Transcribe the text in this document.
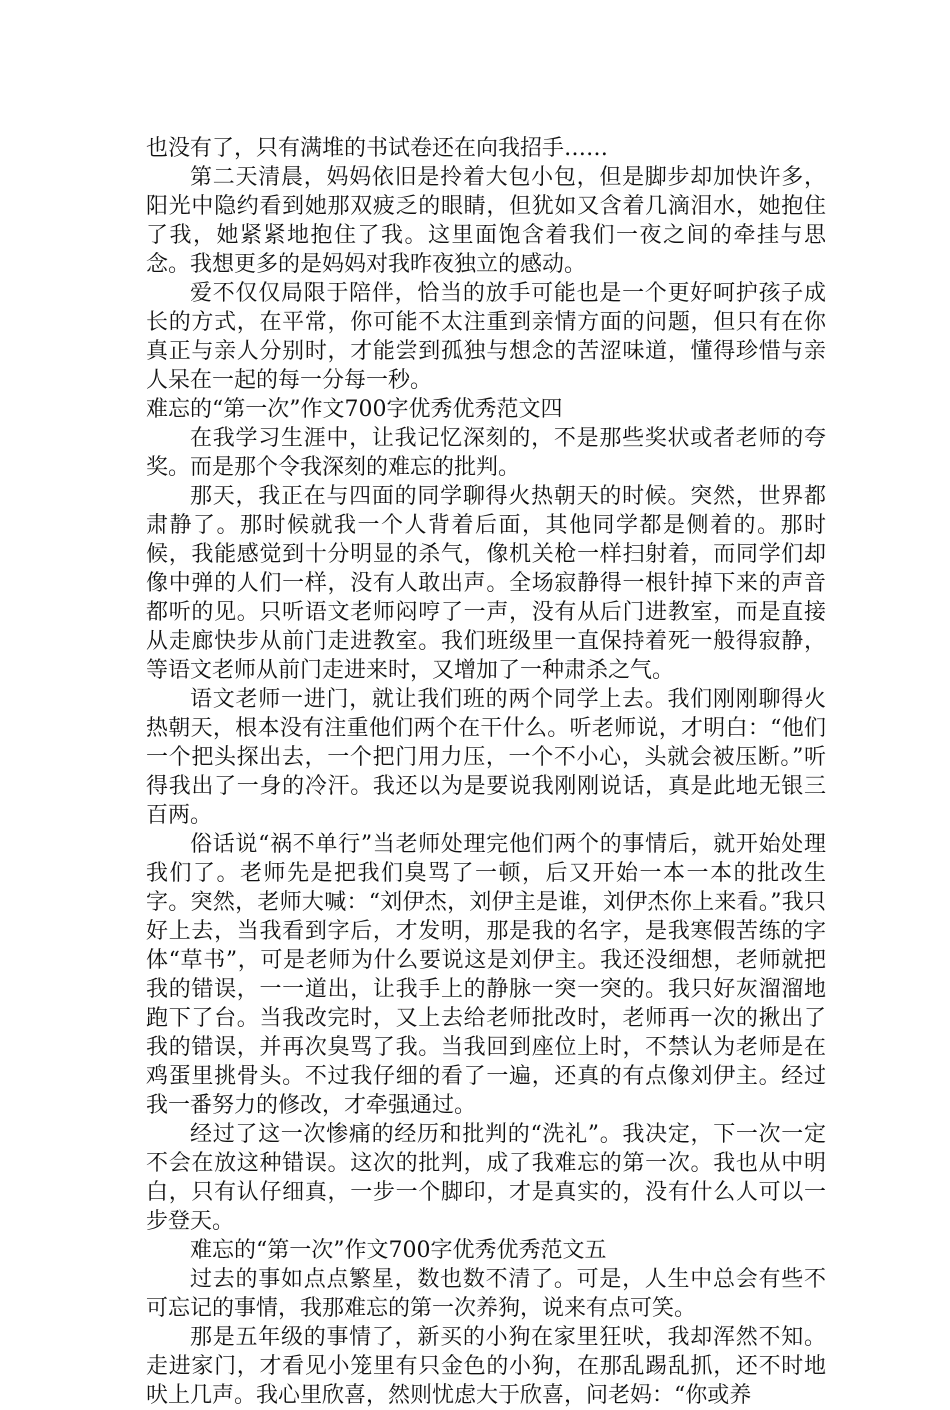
也没有了，只有满堆的书试卷还在向我招手……

第二天清晨，妈妈依旧是拎着大包小包，但是脚步却加快许多，阳光中隐约看到她那双疲乏的眼睛，但犹如又含着几滴泪水，她抱住了我，她紧紧地抱住了我。这里面饱含着我们一夜之间的牵挂与思念。我想更多的是妈妈对我昨夜独立的感动。

爱不仅仅局限于陪伴，恰当的放手可能也是一个更好呵护孩子成长的方式，在平常，你可能不太注重到亲情方面的问题，但只有在你真正与亲人分别时，才能尝到孤独与想念的苦涩味道，懂得珍惜与亲人呆在一起的每一分每一秒。

难忘的“第一次”作文700字优秀优秀范文四

在我学习生涯中，让我记忆深刻的，不是那些奖状或者老师的夸奖。而是那个令我深刻的难忘的批判。

那天，我正在与四面的同学聊得火热朝天的时候。突然，世界都肃静了。那时候就我一个人背着后面，其他同学都是侧着的。那时候，我能感觉到十分明显的杀气，像机关枪一样扫射着，而同学们却像中弹的人们一样，没有人敢出声。全场寂静得一根针掉下来的声音都听的见。只听语文老师闷哼了一声，没有从后门进教室，而是直接从走廊快步从前门走进教室。我们班级里一直保持着死一般得寂静，等语文老师从前门走进来时，又增加了一种肃杀之气。

语文老师一进门，就让我们班的两个同学上去。我们刚刚聊得火热朝天，根本没有注重他们两个在干什么。听老师说，才明白：“他们一个把头探出去，一个把门用力压，一个不小心，头就会被压断。”听得我出了一身的冷汗。我还以为是要说我刚刚说话，真是此地无银三百两。

俗话说“祸不单行”当老师处理完他们两个的事情后，就开始处理我们了。老师先是把我们臭骂了一顿，后又开始一本一本的批改生字。突然，老师大喊：“刘伊杰，刘伊主是谁，刘伊杰你上来看。”我只好上去，当我看到字后，才发明，那是我的名字，是我寒假苦练的字体“草书”，可是老师为什么要说这是刘伊主。我还没细想，老师就把我的错误，一一道出，让我手上的静脉一突一突的。我只好灰溜溜地跑下了台。当我改完时，又上去给老师批改时，老师再一次的揪出了我的错误，并再次臭骂了我。当我回到座位上时，不禁认为老师是在鸡蛋里挑骨头。不过我仔细的看了一遍，还真的有点像刘伊主。经过我一番努力的修改，才牵强通过。

经过了这一次惨痛的经历和批判的“洗礼”。我决定，下一次一定不会在放这种错误。这次的批判，成了我难忘的第一次。我也从中明白，只有认仔细真，一步一个脚印，才是真实的，没有什么人可以一步登天。

难忘的“第一次”作文700字优秀优秀范文五

过去的事如点点繁星，数也数不清了。可是，人生中总会有些不可忘记的事情，我那难忘的第一次养狗，说来有点可笑。

那是五年级的事情了，新买的小狗在家里狂吠，我却浑然不知。走进家门，才看见小笼里有只金色的小狗，在那乱踢乱抓，还不时地吠上几声。我心里欣喜，然则忧虑大于欣喜，问老妈：“你或养
